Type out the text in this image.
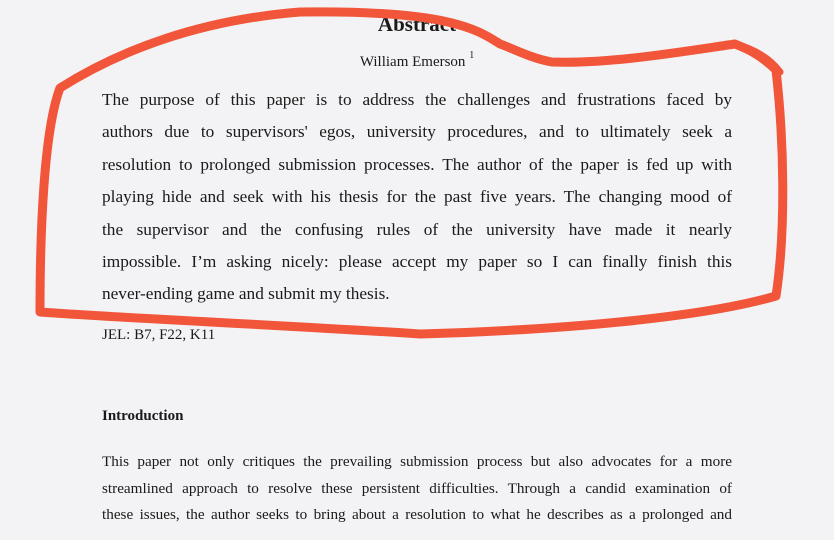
Abstract
William Emerson $^1$
The purpose of this paper is to address the challenges and frustrations faced by
authors due to supervisors' egos, university procedures, and to ultimately seek a
resolution to prolonged submission processes. The author of the paper is fed up with
playing hide and seek with his thesis for the past five years. The changing mood of
the supervisor and the confusing rules of the university have made it nearly
impossible. I’m asking nicely: please accept my paper so I can finally finish this
never-ending game and submit my thesis.
JEL: B7, F22, K11
Introduction
This paper not only critiques the prevailing submission process but also advocates for a more
streamlined approach to resolve these persistent difficulties. Through a candid examination of
these issues, the author seeks to bring about a resolution to what he describes as a prolonged and
